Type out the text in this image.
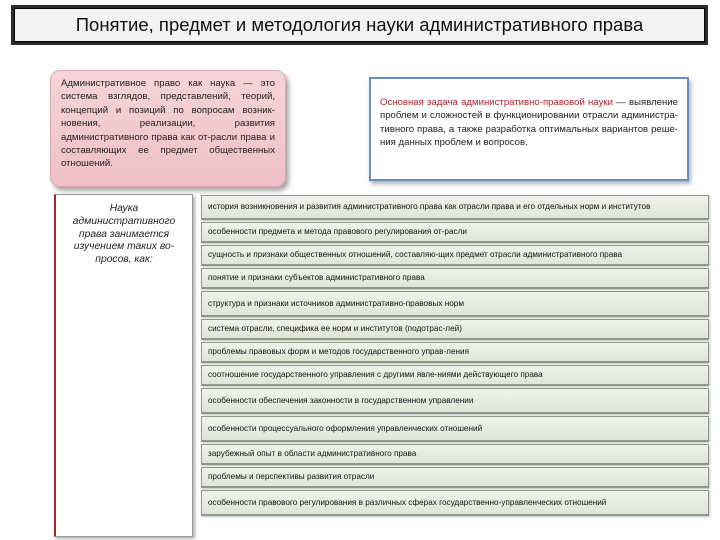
Понятие, предмет и методология науки административного права
Административное право как наука — это система взглядов, представлений, теорий, концепций и позиций по вопросам возник-новения, реализации, развития административного права как от-расли права и составляющих ее предмет общественных отношений.
Основная задача административно-правовой науки — выявление проблем и сложностей в функционировании отрасли администра-тивного права, а также разработка оптимальных вариантов реше-ния данных проблем и вопросов.
Наука административного права занимается изучением таких во-просов, как:
история возникновения и развития административного права как отрасли права и его отдельных норм и институтов
особенности предмета и метода правового регулирования от-расли
сущность и признаки общественных отношений, составляю-щих предмет отрасли административного права
понятие и признаки субъектов административного права
структура и признаки источников административно-правовых норм
система отрасли, специфика ее норм и институтов (подотрас-лей)
проблемы правовых форм и методов государственного управ-ления
соотношение государственного управления с другими явле-ниями действующего права
особенности обеспечения законности в государственном управлении
особенности процессуального оформления управленческих отношений
зарубежный опыт в области административного права
проблемы и перспективы развития отрасли
особенности правового регулирования в различных сферах государственно-управленческих отношений
